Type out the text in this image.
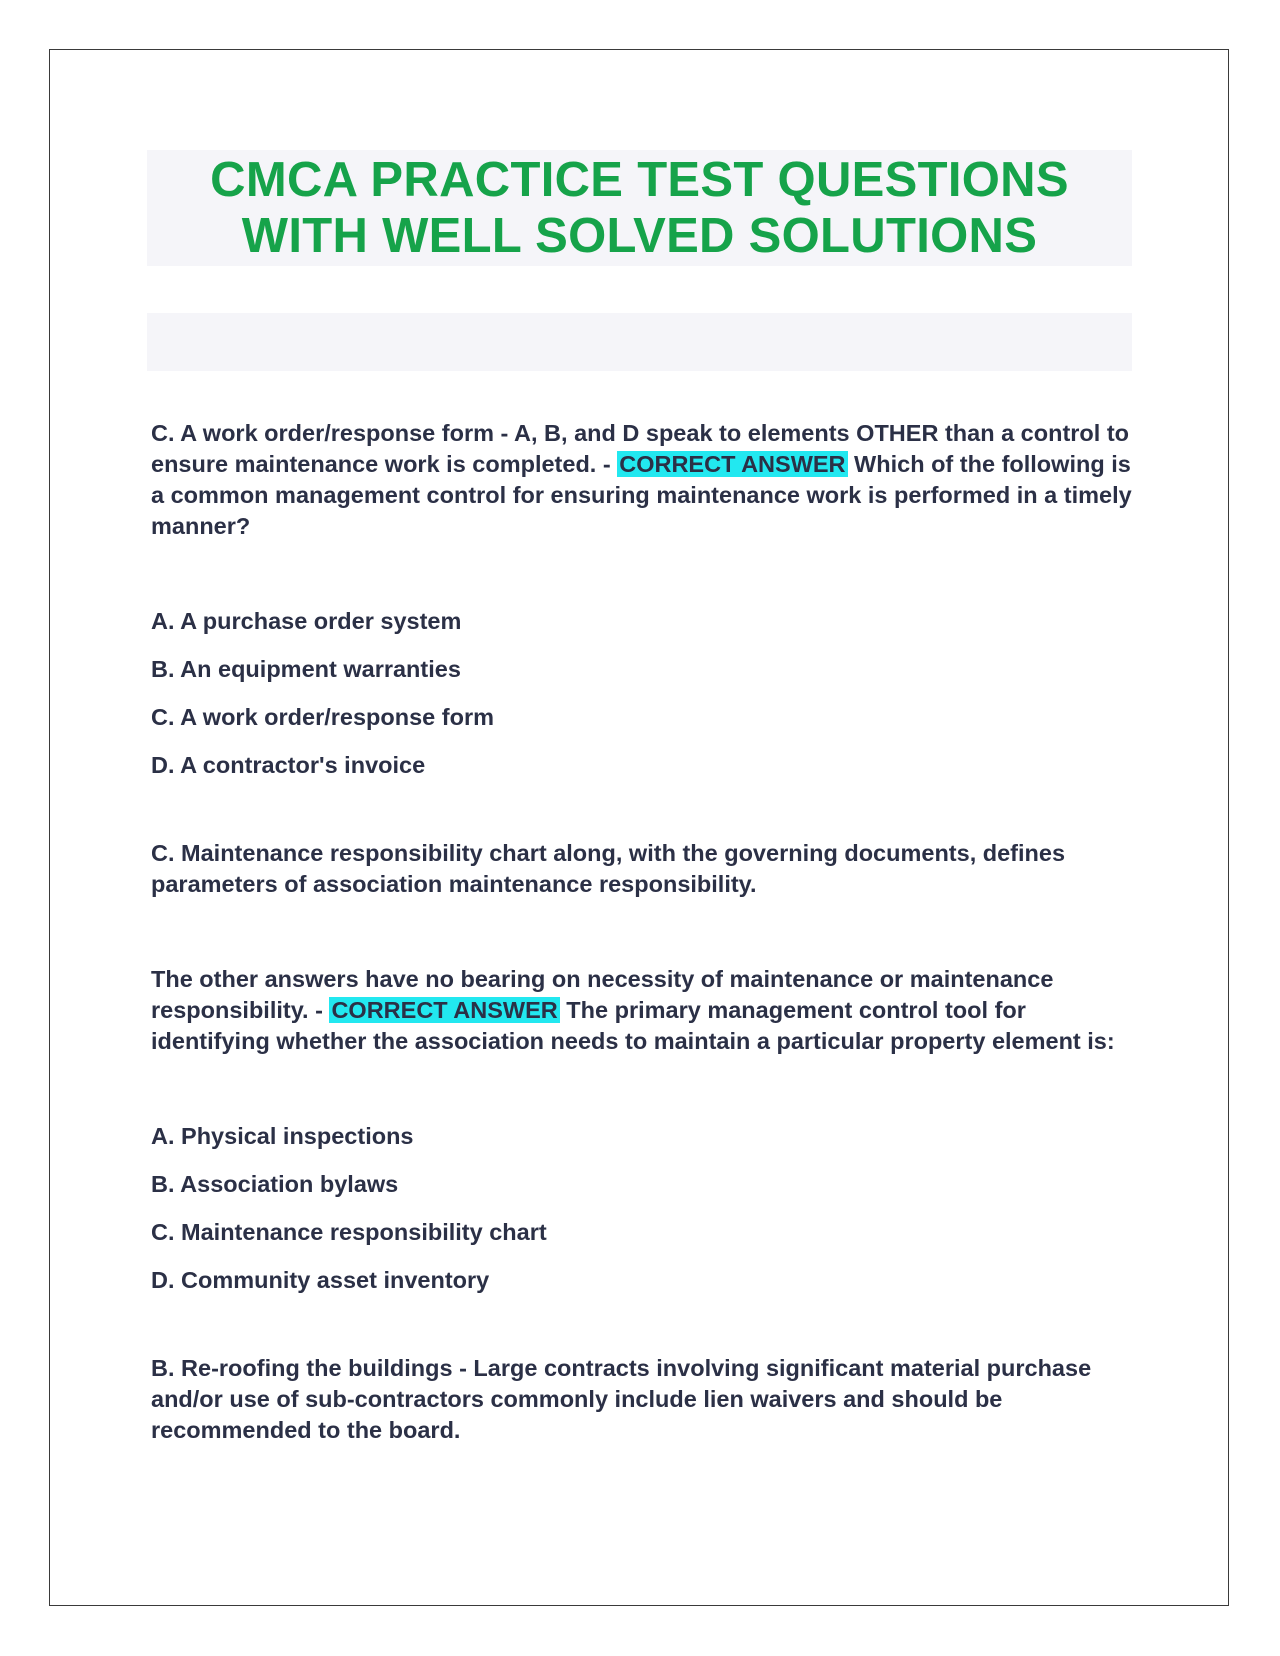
CMCA PRACTICE TEST QUESTIONS
WITH WELL SOLVED SOLUTIONS

C. A work order/response form - A, B, and D speak to elements OTHER than a control to ensure maintenance work is completed. - CORRECT ANSWER Which of the following is a common management control for ensuring maintenance work is performed in a timely manner?

A. A purchase order system
B. An equipment warranties
C. A work order/response form
D. A contractor's invoice

C. Maintenance responsibility chart along, with the governing documents, defines parameters of association maintenance responsibility.

The other answers have no bearing on necessity of maintenance or maintenance responsibility. - CORRECT ANSWER The primary management control tool for identifying whether the association needs to maintain a particular property element is:

A. Physical inspections
B. Association bylaws
C. Maintenance responsibility chart
D. Community asset inventory

B. Re-roofing the buildings - Large contracts involving significant material purchase and/or use of sub-contractors commonly include lien waivers and should be recommended to the board.
